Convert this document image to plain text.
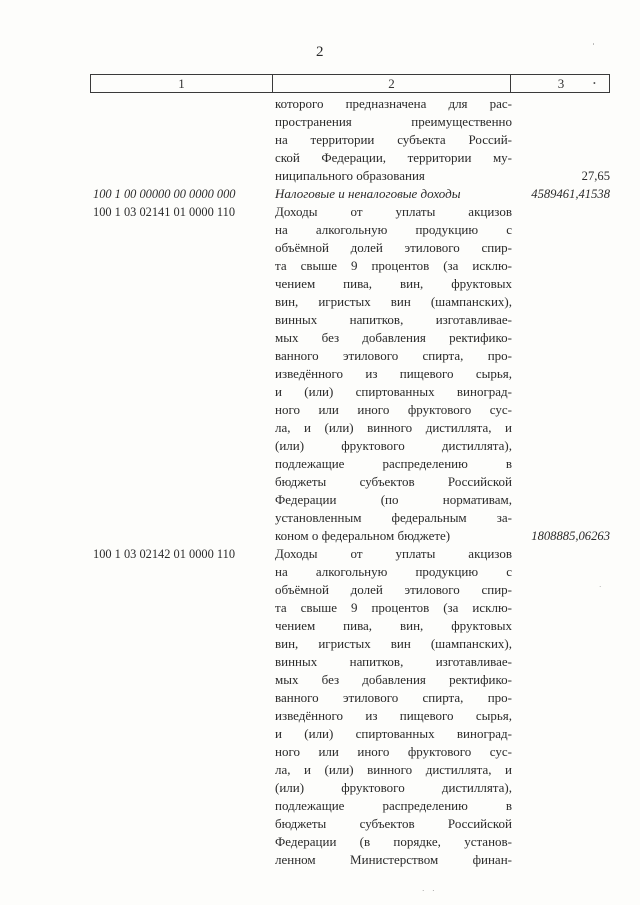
2	˙
1	2	3	•
которого предназначена для рас-
пространения преимущественно
на территории субъекта Россий-
ской Федерации, территории му-
ниципального образования	27,65
100 1 00 00000 00 0000 000	Налоговые и неналоговые доходы	4589461,41538
100 1 03 02141 01 0000 110	Доходы от уплаты акцизов
на алкогольную продукцию с
объёмной долей этилового спир-
та свыше 9 процентов (за исклю-
чением пива, вин, фруктовых
вин, игристых вин (шампанских),
винных напитков, изготавливае-
мых без добавления ректифико-
ванного этилового спирта, про-
изведённого из пищевого сырья,
и (или) спиртованных виноград-
ного или иного фруктового сус-
ла, и (или) винного дистиллята, и
(или) фруктового дистиллята),
подлежащие распределению в
бюджеты субъектов Российской
Федерации (по нормативам,
установленным федеральным за-
коном о федеральном бюджете)	1808885,06263
100 1 03 02142 01 0000 110	Доходы от уплаты акцизов
на алкогольную продукцию с
объёмной долей этилового спир-
та свыше 9 процентов (за исклю-
чением пива, вин, фруктовых
вин, игристых вин (шампанских),
винных напитков, изготавливае-
мых без добавления ректифико-
ванного этилового спирта, про-
изведённого из пищевого сырья,
и (или) спиртованных виноград-
ного или иного фруктового сус-
ла, и (или) винного дистиллята, и
(или) фруктового дистиллята),
подлежащие распределению в
бюджеты субъектов Российской
Федерации (в порядке, установ-
ленном Министерством финан-
·
· ·
